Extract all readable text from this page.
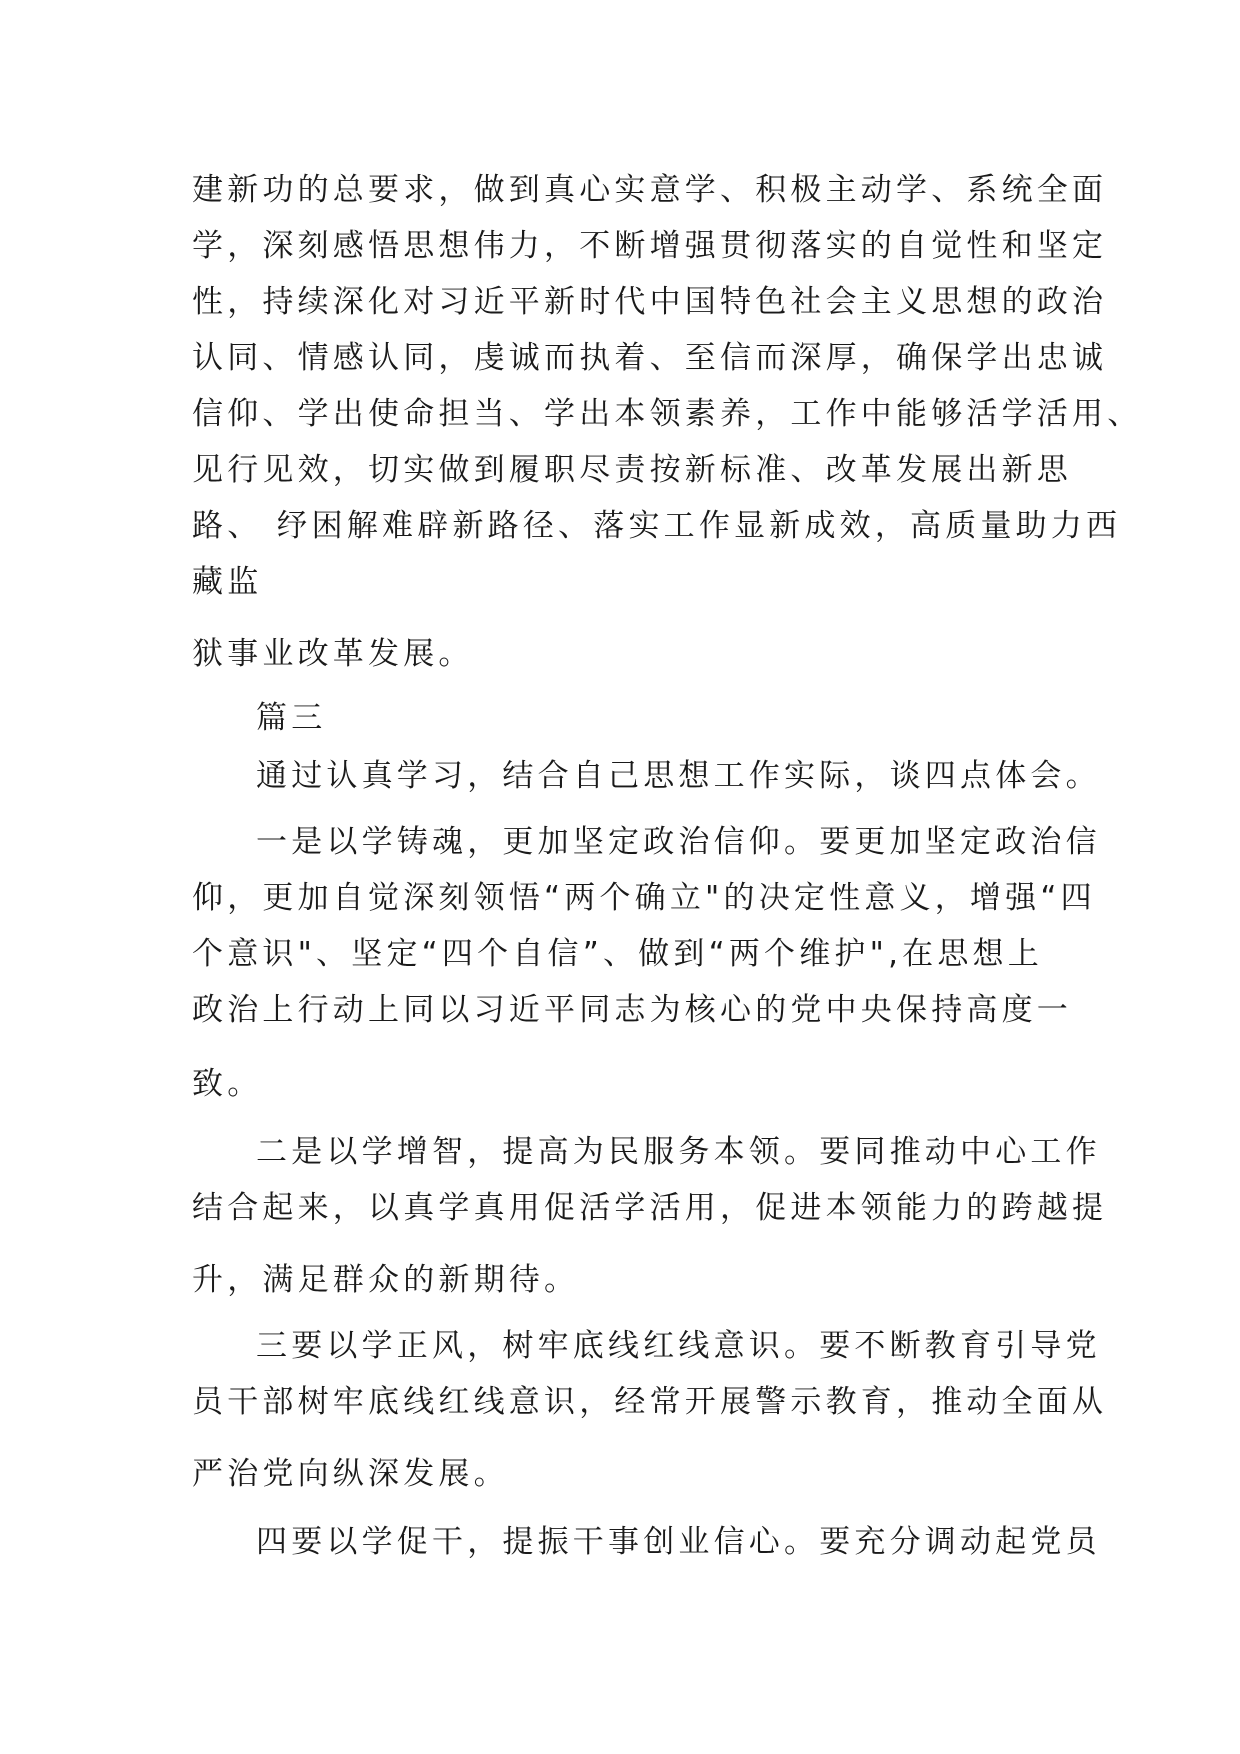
建新功的总要求，做到真心实意学、积极主动学、系统全面

学，深刻感悟思想伟力，不断增强贯彻落实的自觉性和坚定

性，持续深化对习近平新时代中国特色社会主义思想的政治

认同、情感认同，虔诚而执着、至信而深厚，确保学出忠诚

信仰、学出使命担当、学出本领素养，工作中能够活学活用、

见行见效，切实做到履职尽责按新标准、改革发展出新思

路、 纾困解难辟新路径、落实工作显新成效，高质量助力西

藏监

狱事业改革发展。

篇三

通过认真学习，结合自己思想工作实际，谈四点体会。

一是以学铸魂，更加坚定政治信仰。要更加坚定政治信

仰，更加自觉深刻领悟“两个确立"的决定性意义，增强“四

个意识"、坚定“四个自信”、做到“两个维护",在思想上

政治上行动上同以习近平同志为核心的党中央保持高度一

致。

二是以学增智，提高为民服务本领。要同推动中心工作

结合起来，以真学真用促活学活用，促进本领能力的跨越提

升，满足群众的新期待。

三要以学正风，树牢底线红线意识。要不断教育引导党

员干部树牢底线红线意识，经常开展警示教育，推动全面从

严治党向纵深发展。

四要以学促干，提振干事创业信心。要充分调动起党员
